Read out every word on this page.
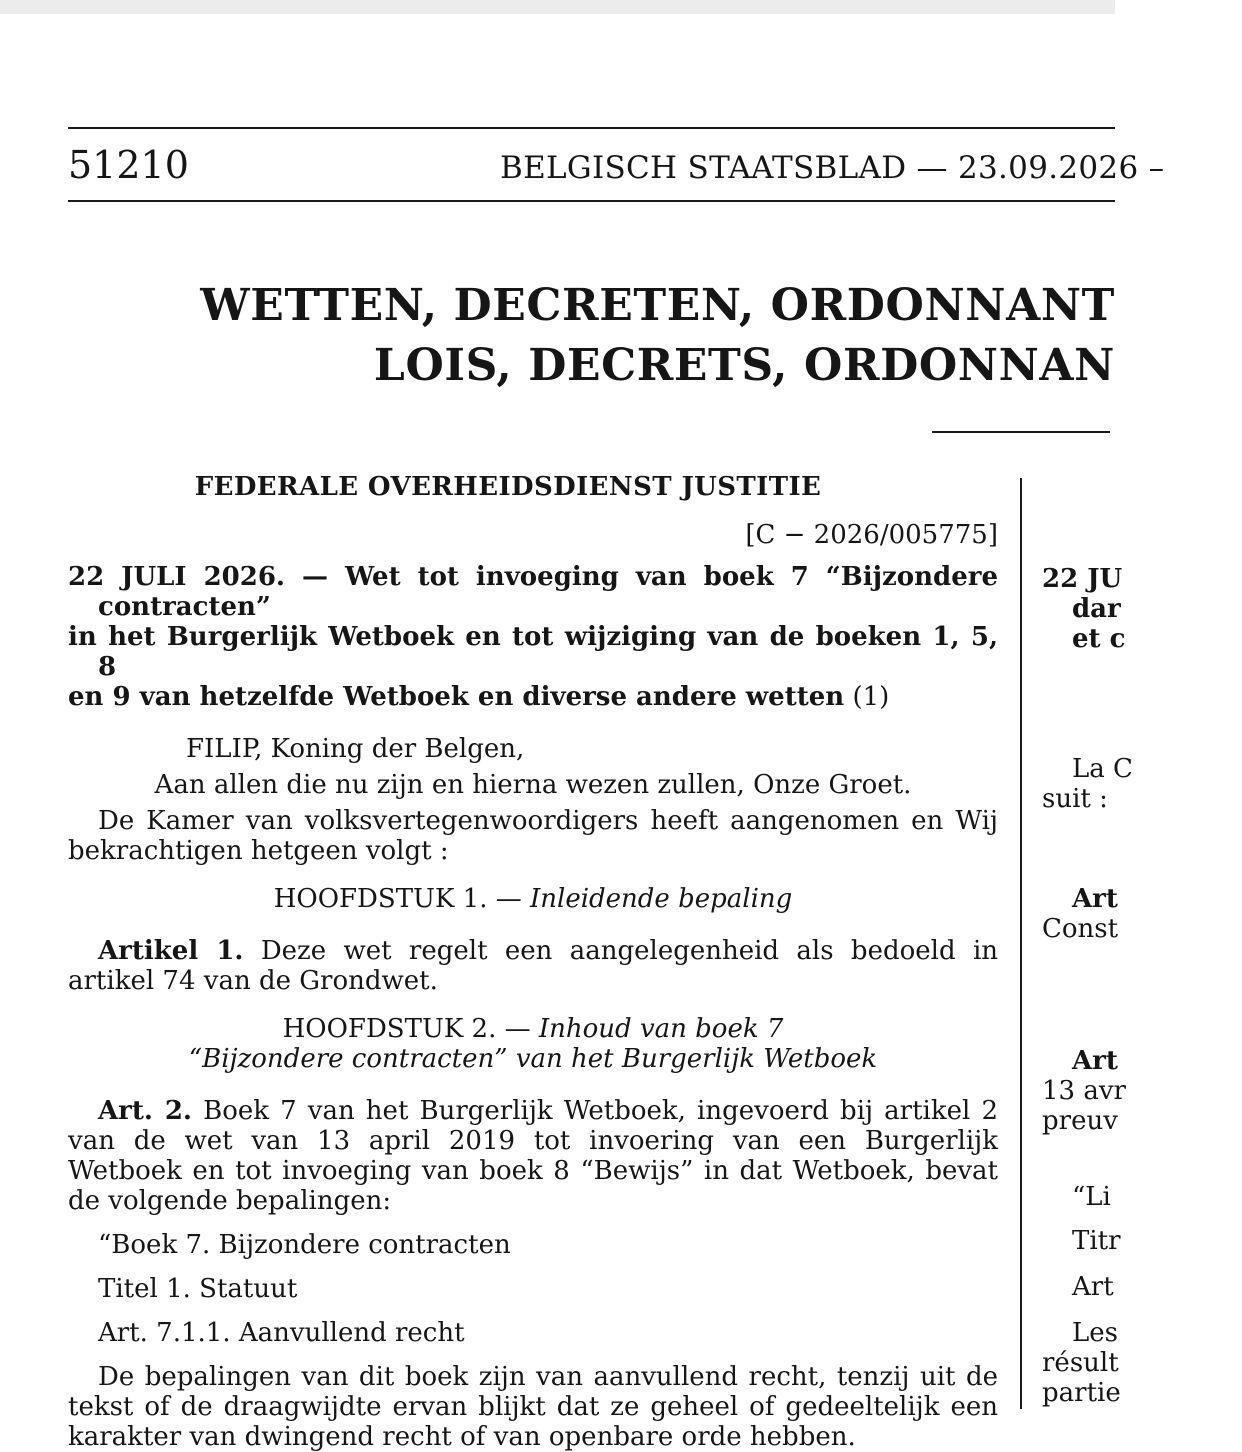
51210	BELGISCH STAATSBLAD — 23.09.2026 –
WETTEN, DECRETEN, ORDONNANT
LOIS, DECRETS, ORDONNAN
FEDERALE OVERHEIDSDIENST JUSTITIE
[C − 2026/005775]
22 JULI 2026. — Wet tot invoeging van boek 7 “Bijzondere contracten”
in het Burgerlijk Wetboek en tot wijziging van de boeken 1, 5, 8
en 9 van hetzelfde Wetboek en diverse andere wetten (1)
FILIP, Koning der Belgen,
Aan allen die nu zijn en hierna wezen zullen, Onze Groet.

De Kamer van volksvertegenwoordigers heeft aangenomen en Wij bekrachtigen hetgeen volgt :

HOOFDSTUK 1. — Inleidende bepaling

Artikel 1. Deze wet regelt een aangelegenheid als bedoeld in artikel 74 van de Grondwet.

HOOFDSTUK 2. — Inhoud van boek 7
“Bijzondere contracten” van het Burgerlijk Wetboek

Art. 2. Boek 7 van het Burgerlijk Wetboek, ingevoerd bij artikel 2 van de wet van 13 april 2019 tot invoering van een Burgerlijk Wetboek en tot invoeging van boek 8 “Bewijs” in dat Wetboek, bevat de volgende bepalingen:

“Boek 7. Bijzondere contracten
Titel 1. Statuut
Art. 7.1.1. Aanvullend recht

De bepalingen van dit boek zijn van aanvullend recht, tenzij uit de tekst of de draagwijdte ervan blijkt dat ze geheel of gedeeltelijk een karakter van dwingend recht of van openbare orde hebben.

22 JU
dar
et c
La C
suit :
Art
Const
Art
13 avr
preuv
“Li
Titr
Art
Les
résult
partie
